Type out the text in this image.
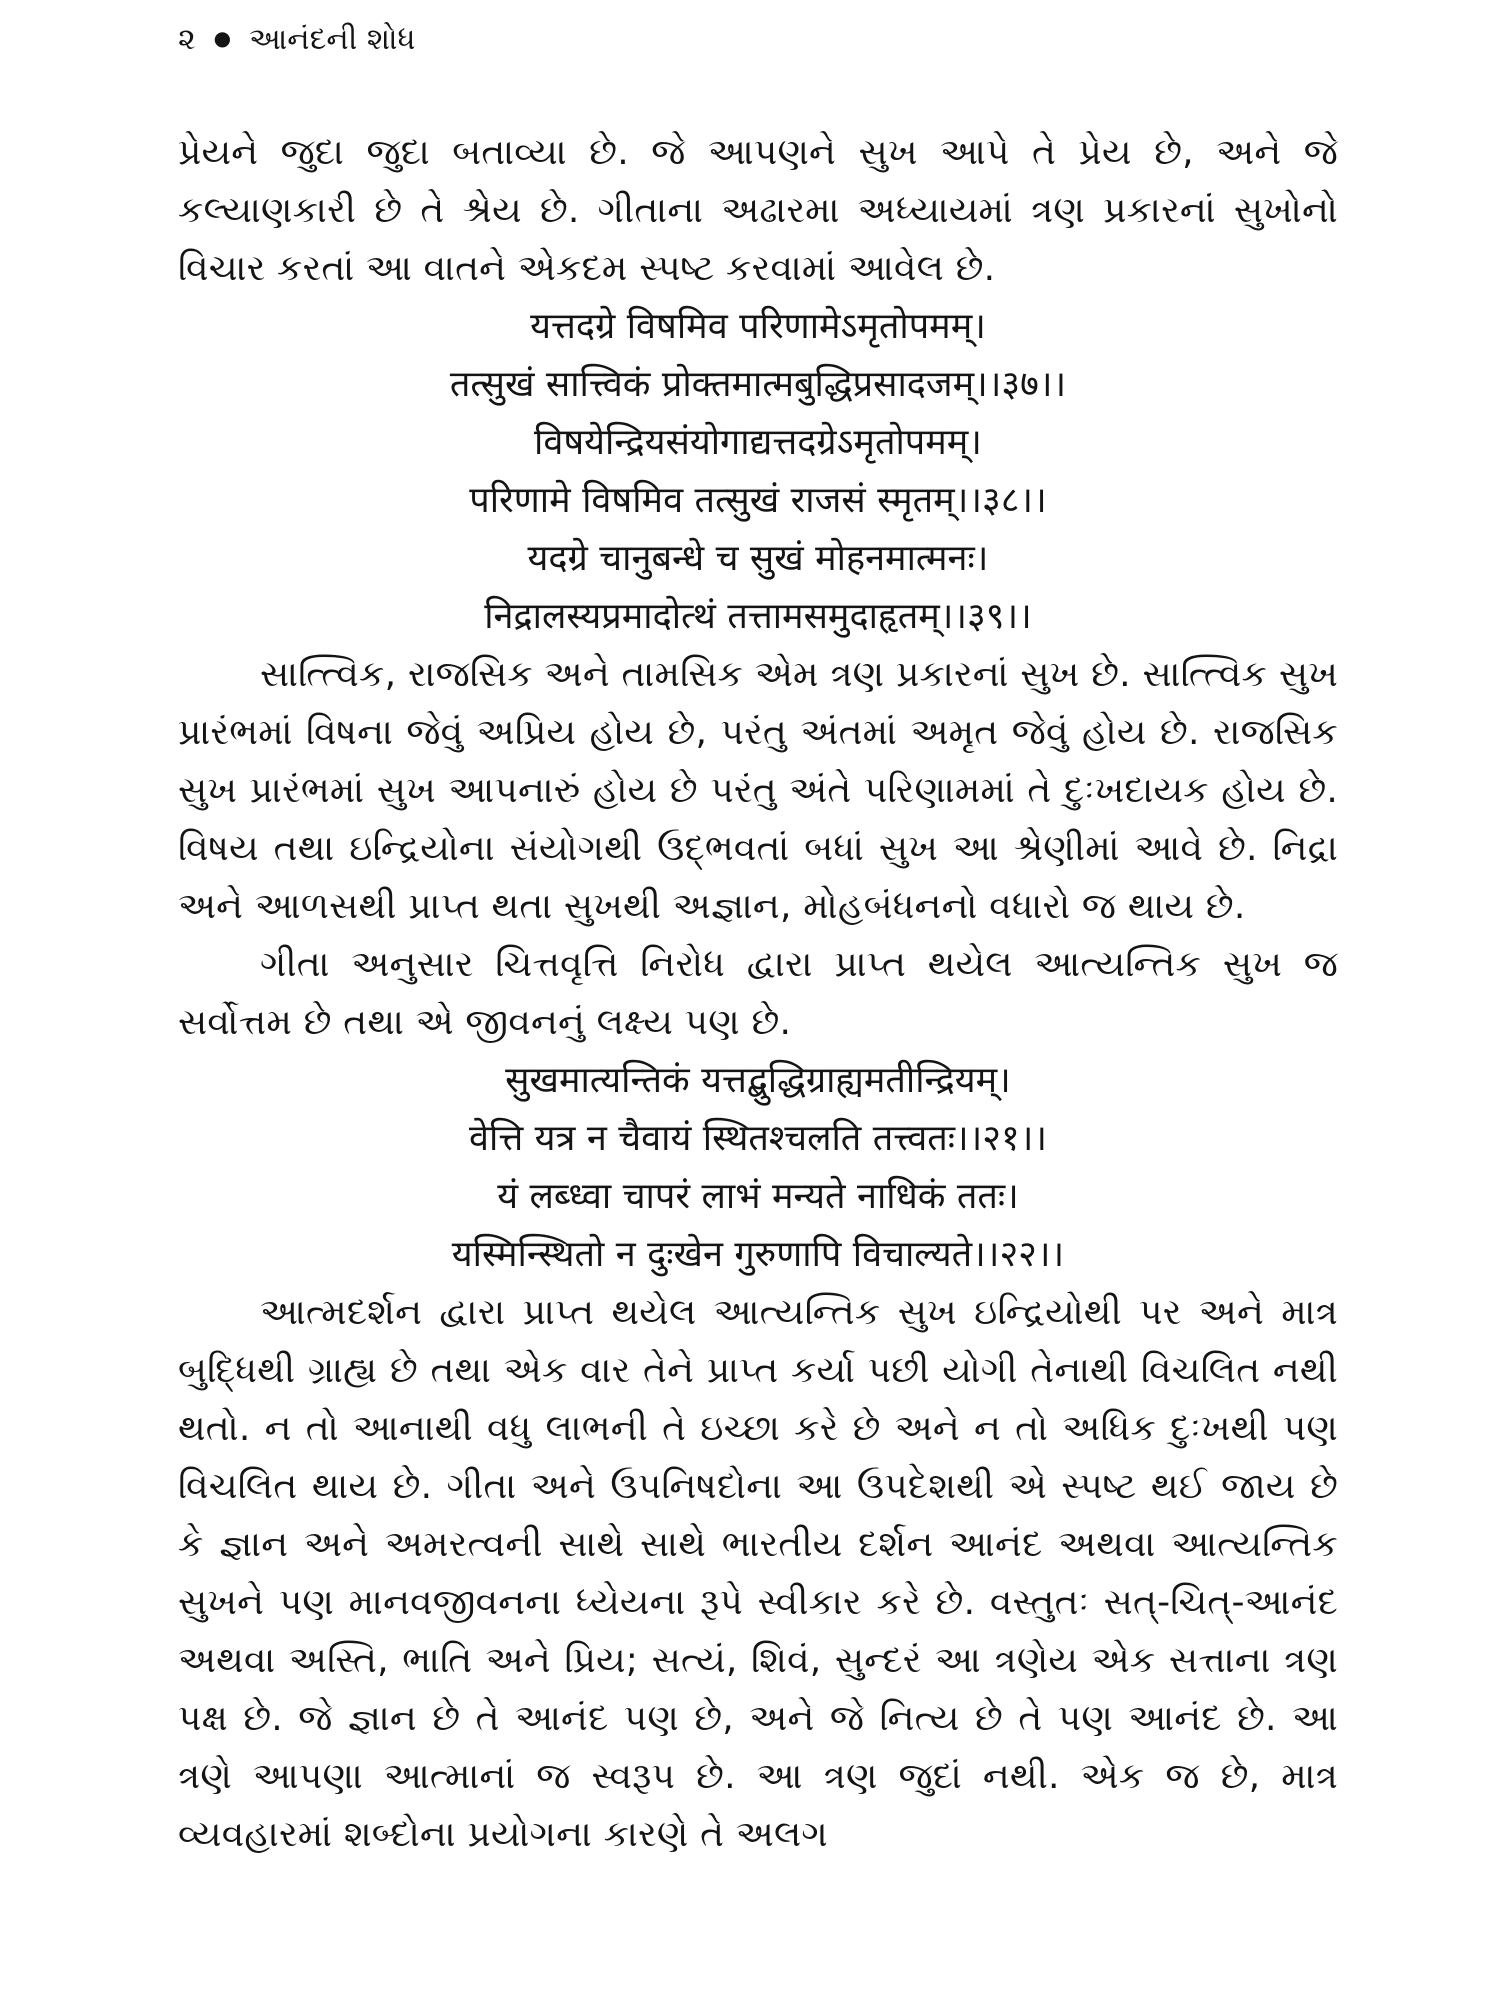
૨ ● આનંદની શોધ

પ્રેયને જુદા જુદા બતાવ્યા છે. જે આપણને સુખ આપે તે પ્રેય છે, અને જે કલ્યાણકારી છે તે શ્રેય છે. ગીતાના અઢારમા અધ્યાયમાં ત્રણ પ્રકારનાં સુખોનો વિચાર કરતાં આ વાતને એકદમ સ્પષ્ટ કરવામાં આવેલ છે.

यत्तदग्रे विषमिव परिणामेऽमृतोपमम्।
तत्सुखं सात्त्विकं प्रोक्तमात्मबुद्धिप्रसादजम्।।३७।।
विषयेन्द्रियसंयोगाद्यत्तदग्रेऽमृतोपमम्।
परिणामे विषमिव तत्सुखं राजसं स्मृतम्।।३८।।
यदग्रे चानुबन्धे च सुखं मोहनमात्मनः।
निद्रालस्यप्रमादोत्थं तत्तामसमुदाहृतम्।।३९।।

સાત્ત્વિક, રાજસિક અને તામસિક એમ ત્રણ પ્રકારનાં સુખ છે. સાત્ત્વિક સુખ પ્રારંભમાં વિષના જેવું અપ્રિય હોય છે, પરંતુ અંતમાં અમૃત જેવું હોય છે. રાજસિક સુખ પ્રારંભમાં સુખ આપનારું હોય છે પરંતુ અંતે પરિણામમાં તે દુઃખદાયક હોય છે. વિષય તથા ઇન્દ્રિયોના સંયોગથી ઉદ્‌ભવતાં બધાં સુખ આ શ્રેણીમાં આવે છે. નિદ્રા અને આળસથી પ્રાપ્ત થતા સુખથી અજ્ઞાન, મોહબંધનનો વધારો જ થાય છે.

ગીતા અનુસાર ચિત્તવૃત્તિ નિરોધ દ્વારા પ્રાપ્ત થયેલ આત્યન્તિક સુખ જ સર્વોત્તમ છે તથા એ જીવનનું લક્ષ્ય પણ છે.

सुखमात्यन्तिकं यत्तद्बुद्धिग्राह्यमतीन्द्रियम्।
वेत्ति यत्र न चैवायं स्थितश्चलति तत्त्वतः।।२१।।
यं लब्ध्वा चापरं लाभं मन्यते नाधिकं ततः।
यस्मिन्स्थितो न दुःखेन गुरुणापि विचाल्यते।।२२।।

આત્મદર્શન દ્વારા પ્રાપ્ત થયેલ આત્યન્તિક સુખ ઇન્દ્રિયોથી પર અને માત્ર બુદ્ધિથી ગ્રાહ્ય છે તથા એક વાર તેને પ્રાપ્ત કર્યા પછી યોગી તેનાથી વિચલિત નથી થતો. ન તો આનાથી વધુ લાભની તે ઇચ્છા કરે છે અને ન તો અધિક દુઃખથી પણ વિચલિત થાય છે. ગીતા અને ઉપનિષદોના આ ઉપદેશથી એ સ્પષ્ટ થઈ જાય છે કે જ્ઞાન અને અમરત્વની સાથે સાથે ભારતીય દર્શન આનંદ અથવા આત્યન્તિક સુખને પણ માનવજીવનના ધ્યેયના રૂપે સ્વીકાર કરે છે. વસ્તુતઃ સત્‌-ચિત્‌-આનંદ અથવા અસ્તિ, ભાતિ અને પ્રિય; સત્યં, શિવં, સુન્દરં આ ત્રણેય એક સત્તાના ત્રણ પક્ષ છે. જે જ્ઞાન છે તે આનંદ પણ છે, અને જે નિત્ય છે તે પણ આનંદ છે. આ ત્રણે આપણા આત્માનાં જ સ્વરૂપ છે. આ ત્રણ જુદાં નથી. એક જ છે, માત્ર વ્યવહારમાં શબ્દોના પ્રયોગના કારણે તે અલગ
